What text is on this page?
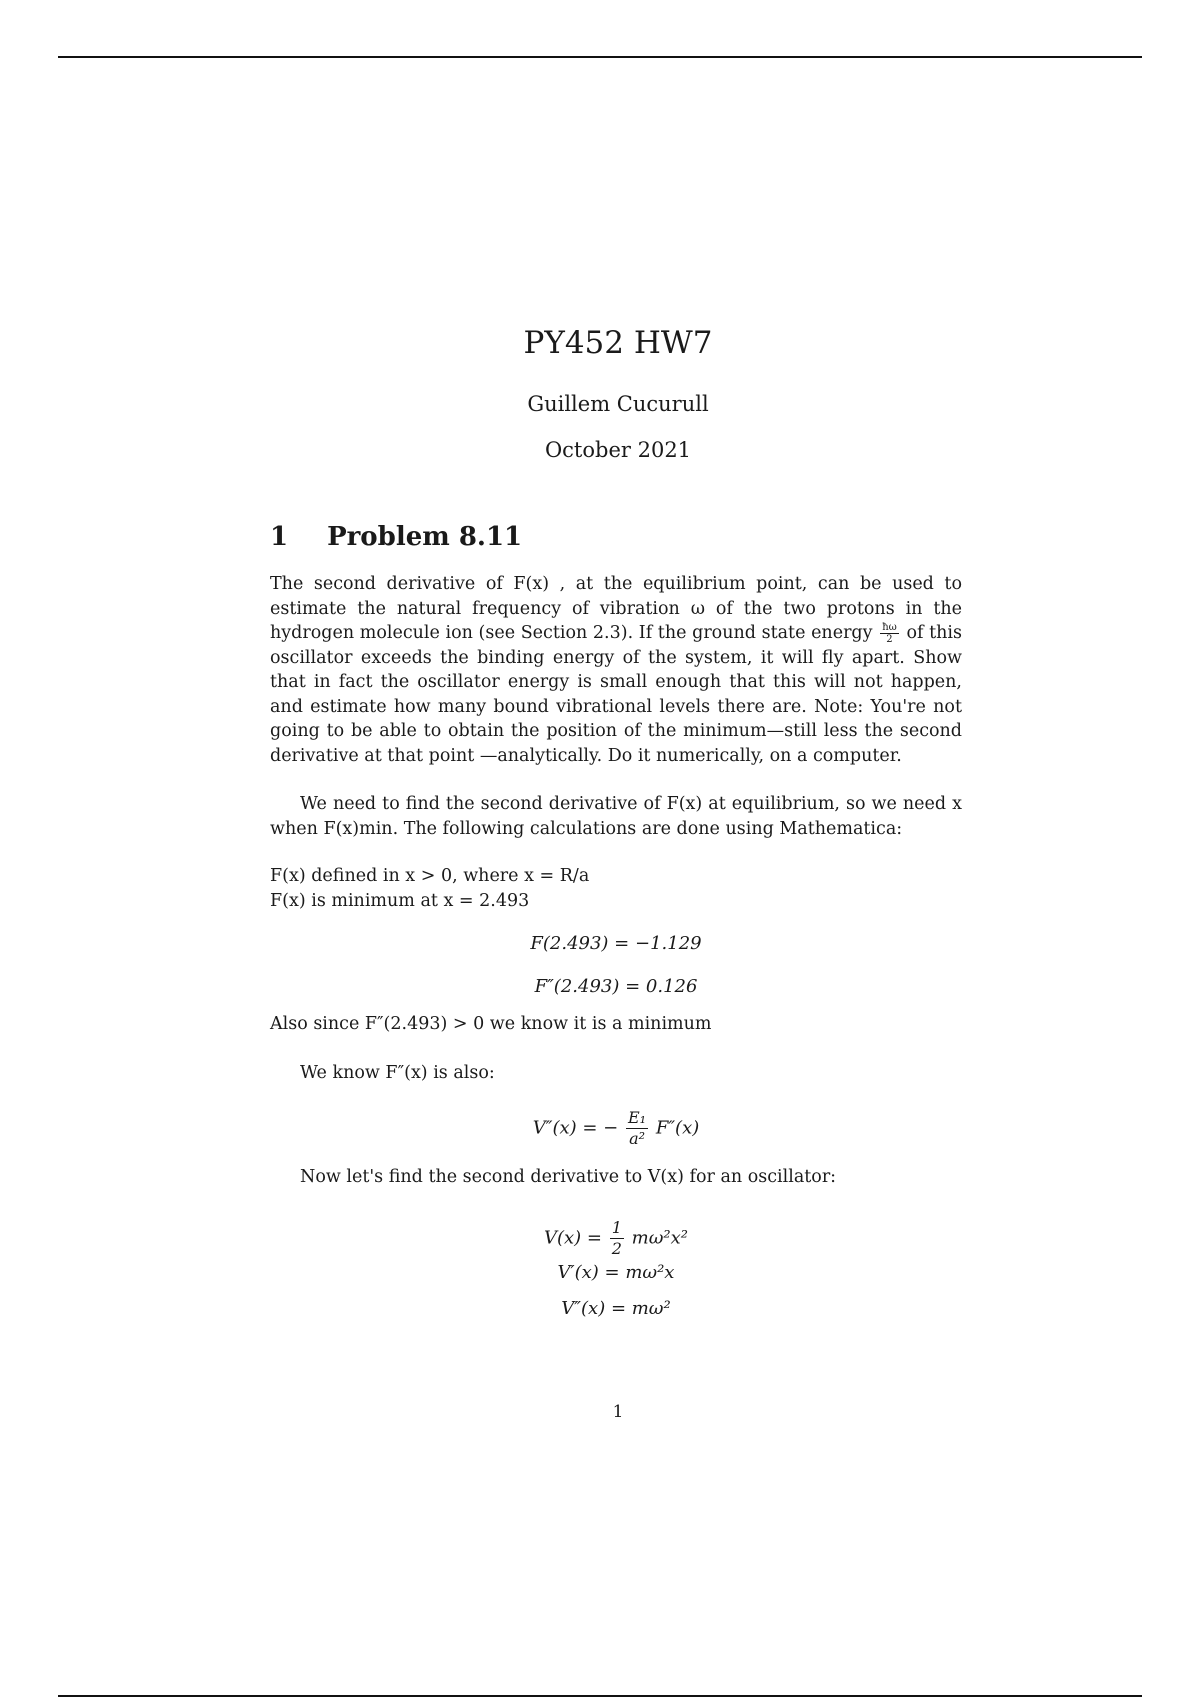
PY452 HW7
Guillem Cucurull
October 2021
1 Problem 8.11
The second derivative of F(x) , at the equilibrium point, can be used to estimate the natural frequency of vibration ω of the two protons in the hydrogen molecule ion (see Section 2.3). If the ground state energy $\frac{ħ\omega}{2}$ of this oscillator exceeds the binding energy of the system, it will fly apart. Show that in fact the oscillator energy is small enough that this will not happen, and estimate how many bound vibrational levels there are. Note: You're not going to be able to obtain the position of the minimum—still less the second derivative at that point —analytically. Do it numerically, on a computer.
We need to find the second derivative of F(x) at equilibrium, so we need x when F(x)min. The following calculations are done using Mathematica:
F(x) defined in x > 0, where x = R/a
F(x) is minimum at x = 2.493
F(2.493) = −1.129
F″(2.493) = 0.126
Also since F″(2.493) > 0 we know it is a minimum
We know F″(x) is also:
V″(x) = − $\frac{\text{E₁}}{\text{a²}} F''(x)$
Now let's find the second derivative to V(x) for an oscillator:
$V(x) = \frac{1}{2} m\omega^2x^2$
V′(x) = mω²x
V″(x) = mω²
1
